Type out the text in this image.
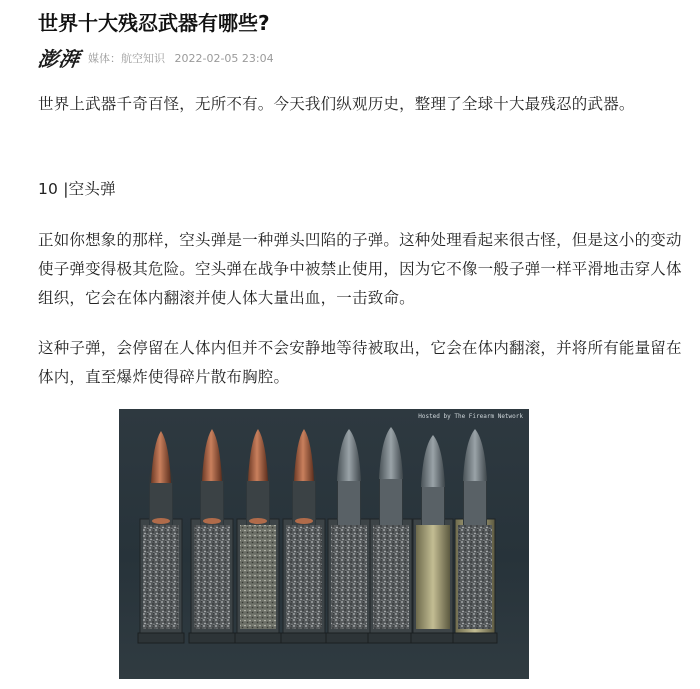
世界十大残忍武器有哪些?
澎湃 媒体：航空知识 2022-02-05 23:04

世界上武器千奇百怪，无所不有。今天我们纵观历史，整理了全球十大最残忍的武器。

10 |空头弹

正如你想象的那样，空头弹是一种弹头凹陷的子弹。这种处理看起来很古怪，但是这小的变动使子弹变得极其危险。空头弹在战争中被禁止使用，因为它不像一般子弹一样平滑地击穿人体组织，它会在体内翻滚并使人体大量出血，一击致命。

这种子弹，会停留在人体内但并不会安静地等待被取出，它会在体内翻滚，并将所有能量留在体内，直至爆炸使得碎片散布胸腔。

Hosted by The Firearm Network
